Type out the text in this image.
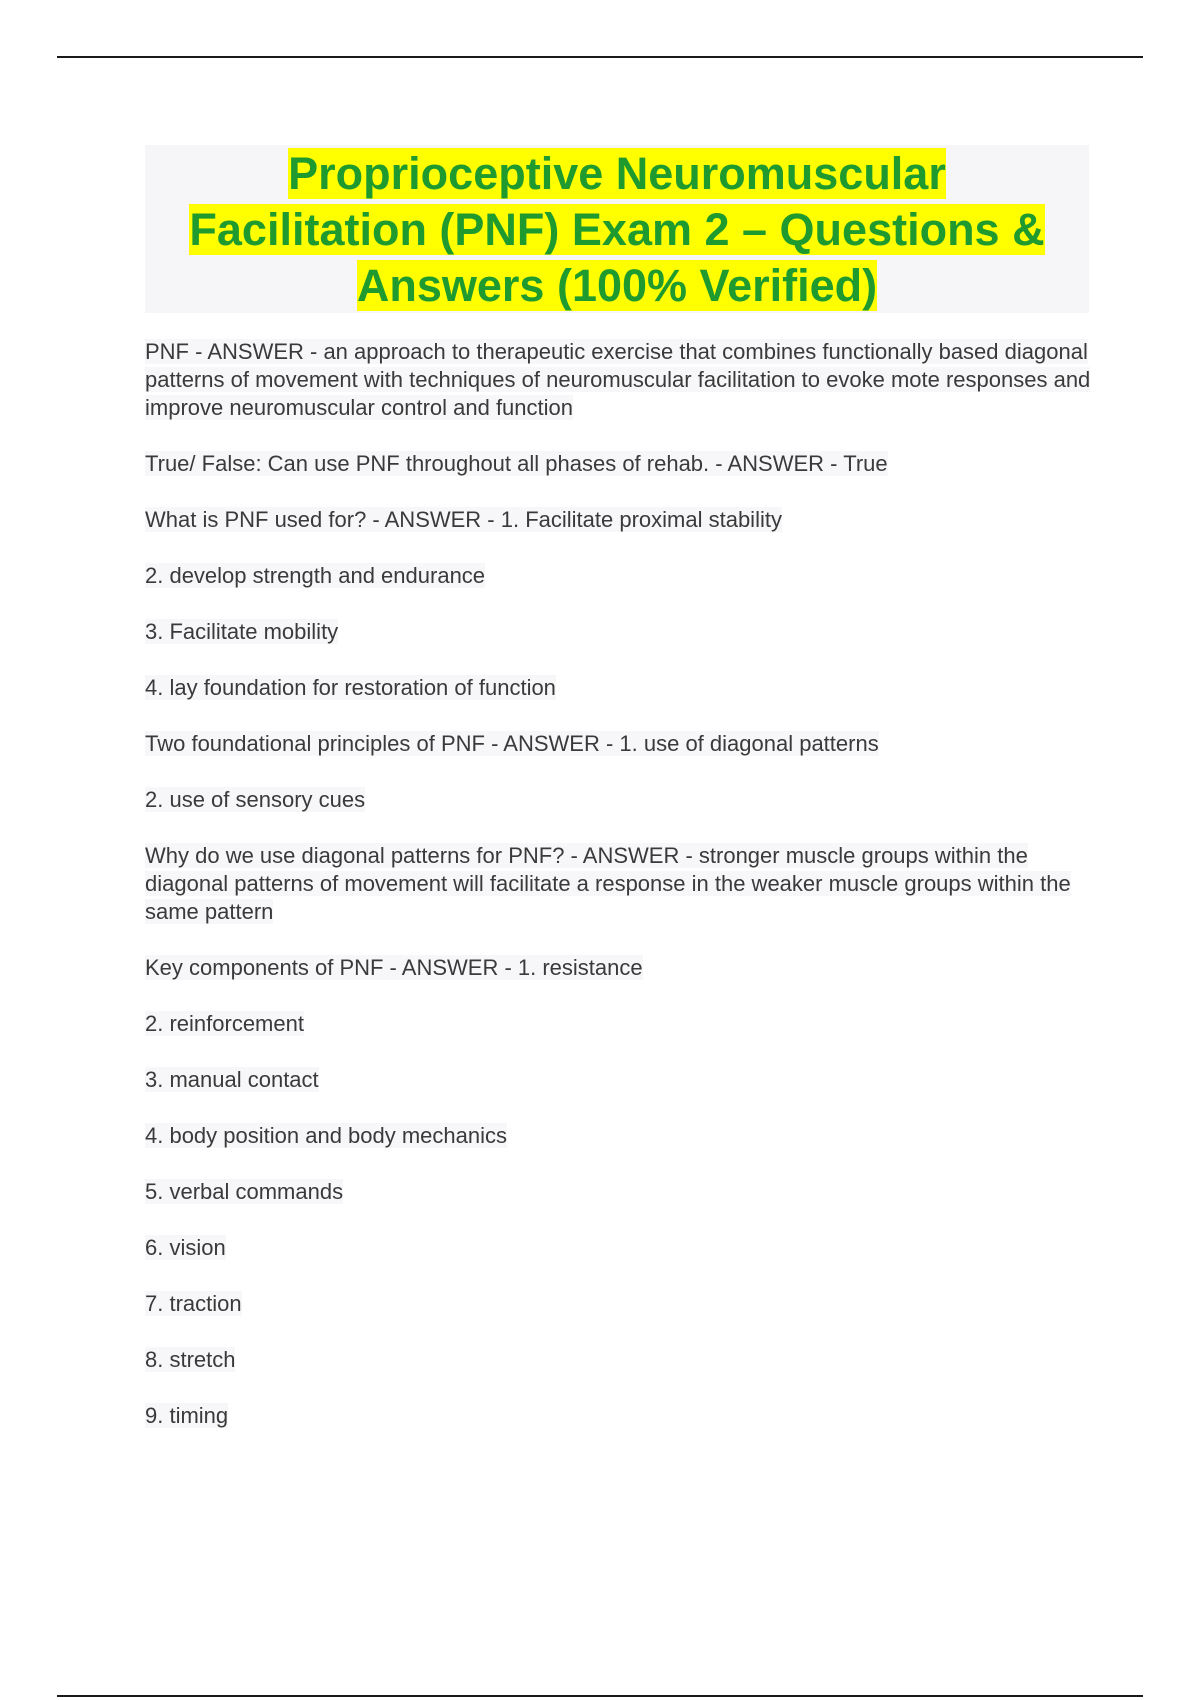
Proprioceptive Neuromuscular
Facilitation (PNF) Exam 2 – Questions &
Answers (100% Verified)

PNF - ANSWER - an approach to therapeutic exercise that combines functionally based diagonal patterns of movement with techniques of neuromuscular facilitation to evoke mote responses and improve neuromuscular control and function

True/ False: Can use PNF throughout all phases of rehab. - ANSWER - True

What is PNF used for? - ANSWER - 1. Facilitate proximal stability

2. develop strength and endurance

3. Facilitate mobility

4. lay foundation for restoration of function

Two foundational principles of PNF - ANSWER - 1. use of diagonal patterns

2. use of sensory cues

Why do we use diagonal patterns for PNF? - ANSWER - stronger muscle groups within the diagonal patterns of movement will facilitate a response in the weaker muscle groups within the same pattern

Key components of PNF - ANSWER - 1. resistance

2. reinforcement

3. manual contact

4. body position and body mechanics

5. verbal commands

6. vision

7. traction

8. stretch

9. timing
